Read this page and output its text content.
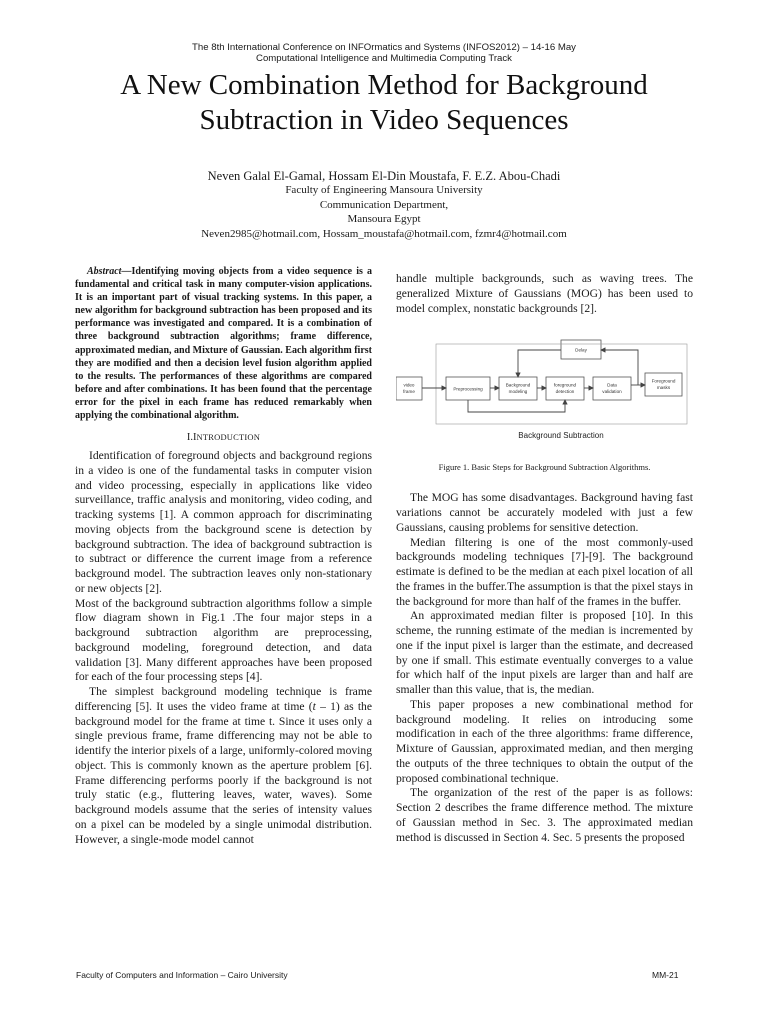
The 8th International Conference on INFOrmatics and Systems (INFOS2012) – 14-16 May
Computational Intelligence and Multimedia Computing Track
A New Combination Method for Background
Subtraction in Video Sequences
Neven Galal El-Gamal, Hossam El-Din Moustafa, F. E.Z. Abou-Chadi
Faculty of Engineering Mansoura University
Communication Department,
Mansoura Egypt
Neven2985@hotmail.com, Hossam_moustafa@hotmail.com, fzmr4@hotmail.com
Abstract—Identifying moving objects from a video sequence is a fundamental and critical task in many computer-vision applications. It is an important part of visual tracking systems. In this paper, a new algorithm for background subtraction has been proposed and its performance was investigated and compared. It is a combination of three background subtraction algorithms; frame difference, approximated median, and Mixture of Gaussian. Each algorithm first they are modified and then a decision level fusion algorithm applied to the results. The performances of these algorithms are compared before and after combinations. It has been found that the percentage error for the pixel in each frame has reduced remarkably when applying the combinational algorithm.
I.INTRODUCTION

Identification of foreground objects and background regions in a video is one of the fundamental tasks in computer vision and video processing, especially in applications like video surveillance, traffic analysis and monitoring, video coding, and tracking systems [1]. A common approach for discriminating moving objects from the background scene is detection by background subtraction. The idea of background subtraction is to subtract or difference the current image from a reference background model. The subtraction leaves only non-stationary or new objects [2].

Most of the background subtraction algorithms follow a simple flow diagram shown in Fig.1 .The four major steps in a background subtraction algorithm are preprocessing, background modeling, foreground detection, and data validation [3]. Many different approaches have been proposed for each of the four processing steps [4].

The simplest background modeling technique is frame differencing [5]. It uses the video frame at time (t – 1) as the background model for the frame at time t. Since it uses only a single previous frame, frame differencing may not be able to identify the interior pixels of a large, uniformly-colored moving object. This is commonly known as the aperture problem [6]. Frame differencing performs poorly if the background is not truly static (e.g., fluttering leaves, water, waves). Some background models assume that the series of intensity values on a pixel can be modeled by a single unimodal distribution. However, a single-mode model cannot

handle multiple backgrounds, such as waving trees. The generalized Mixture of Gaussians (MOG) has been used to model complex, nonstatic backgrounds [2].

video
frame	Preprocessing
Background
modeling
foreground
detection
Data
validation
Foreground
masks
Delay
Background Subtraction
Figure 1. Basic Steps for Background Subtraction Algorithms.

The MOG has some disadvantages. Background having fast variations cannot be accurately modeled with just a few Gaussians, causing problems for sensitive detection.

Median filtering is one of the most commonly-used backgrounds modeling techniques [7]-[9]. The background estimate is defined to be the median at each pixel location of all the frames in the buffer.The assumption is that the pixel stays in the background for more than half of the frames in the buffer.

An approximated median filter is proposed [10]. In this scheme, the running estimate of the median is incremented by one if the input pixel is larger than the estimate, and decreased by one if small. This estimate eventually converges to a value for which half of the input pixels are larger than and half are smaller than this value, that is, the median.

This paper proposes a new combinational method for background modeling. It relies on introducing some modification in each of the three algorithms: frame difference, Mixture of Gaussian, approximated median, and then merging the outputs of the three techniques to obtain the output of the proposed combinational technique.

The organization of the rest of the paper is as follows: Section 2 describes the frame difference method. The mixture of Gaussian method in Sec. 3. The approximated median method is discussed in Section 4. Sec. 5 presents the proposed

Faculty of Computers and Information – Cairo University	MM-21
